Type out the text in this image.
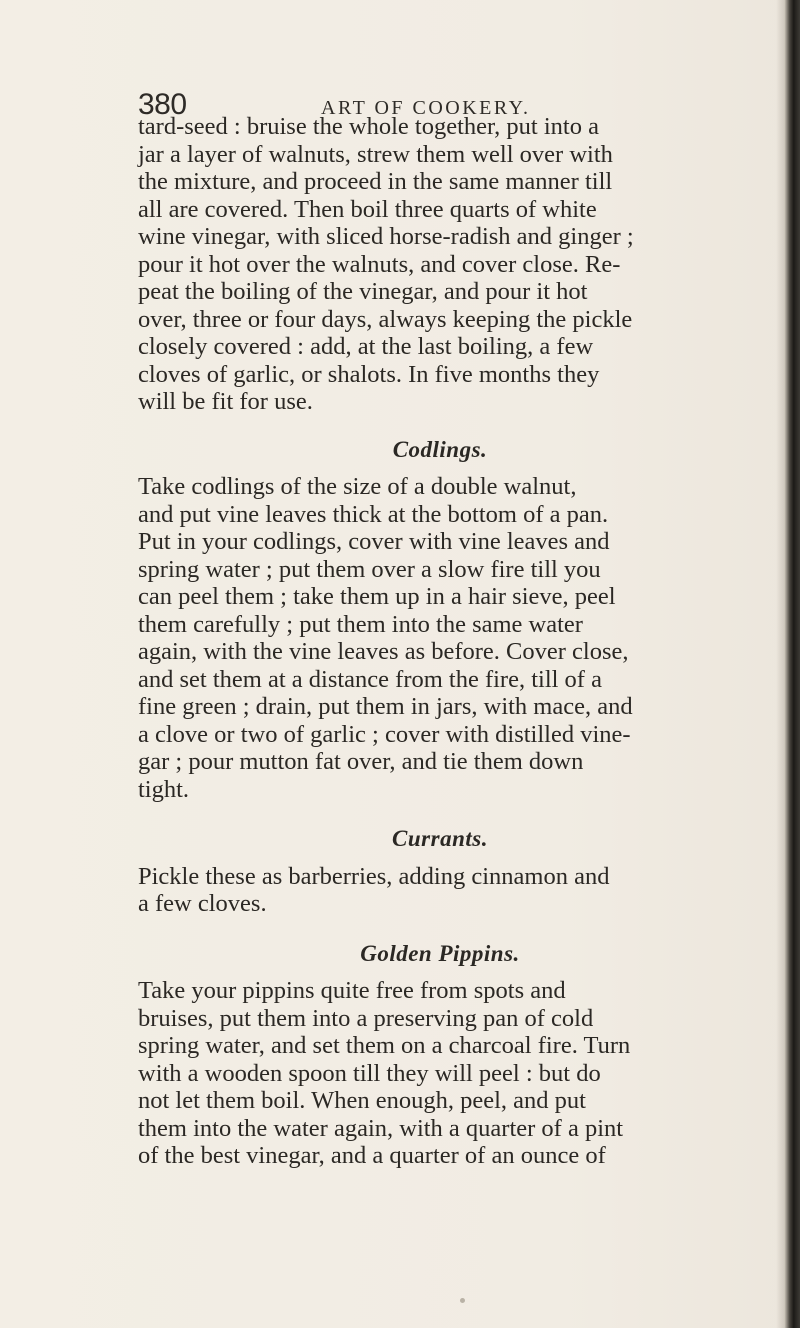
380	ART OF COOKERY.

tard-seed : bruise the whole together, put into a
jar a layer of walnuts, strew them well over with
the mixture, and proceed in the same manner till
all are covered. Then boil three quarts of white
wine vinegar, with sliced horse-radish and ginger ;
pour it hot over the walnuts, and cover close. Re-
peat the boiling of the vinegar, and pour it hot
over, three or four days, always keeping the pickle
closely covered : add, at the last boiling, a few
cloves of garlic, or shalots. In five months they
will be fit for use.

Codlings.

Take codlings of the size of a double walnut,
and put vine leaves thick at the bottom of a pan.
Put in your codlings, cover with vine leaves and
spring water ; put them over a slow fire till you
can peel them ; take them up in a hair sieve, peel
them carefully ; put them into the same water
again, with the vine leaves as before. Cover close,
and set them at a distance from the fire, till of a
fine green ; drain, put them in jars, with mace, and
a clove or two of garlic ; cover with distilled vine-
gar ; pour mutton fat over, and tie them down
tight.

Currants.

Pickle these as barberries, adding cinnamon and
a few cloves.

Golden Pippins.

Take your pippins quite free from spots and
bruises, put them into a preserving pan of cold
spring water, and set them on a charcoal fire. Turn
with a wooden spoon till they will peel : but do
not let them boil. When enough, peel, and put
them into the water again, with a quarter of a pint
of the best vinegar, and a quarter of an ounce of
